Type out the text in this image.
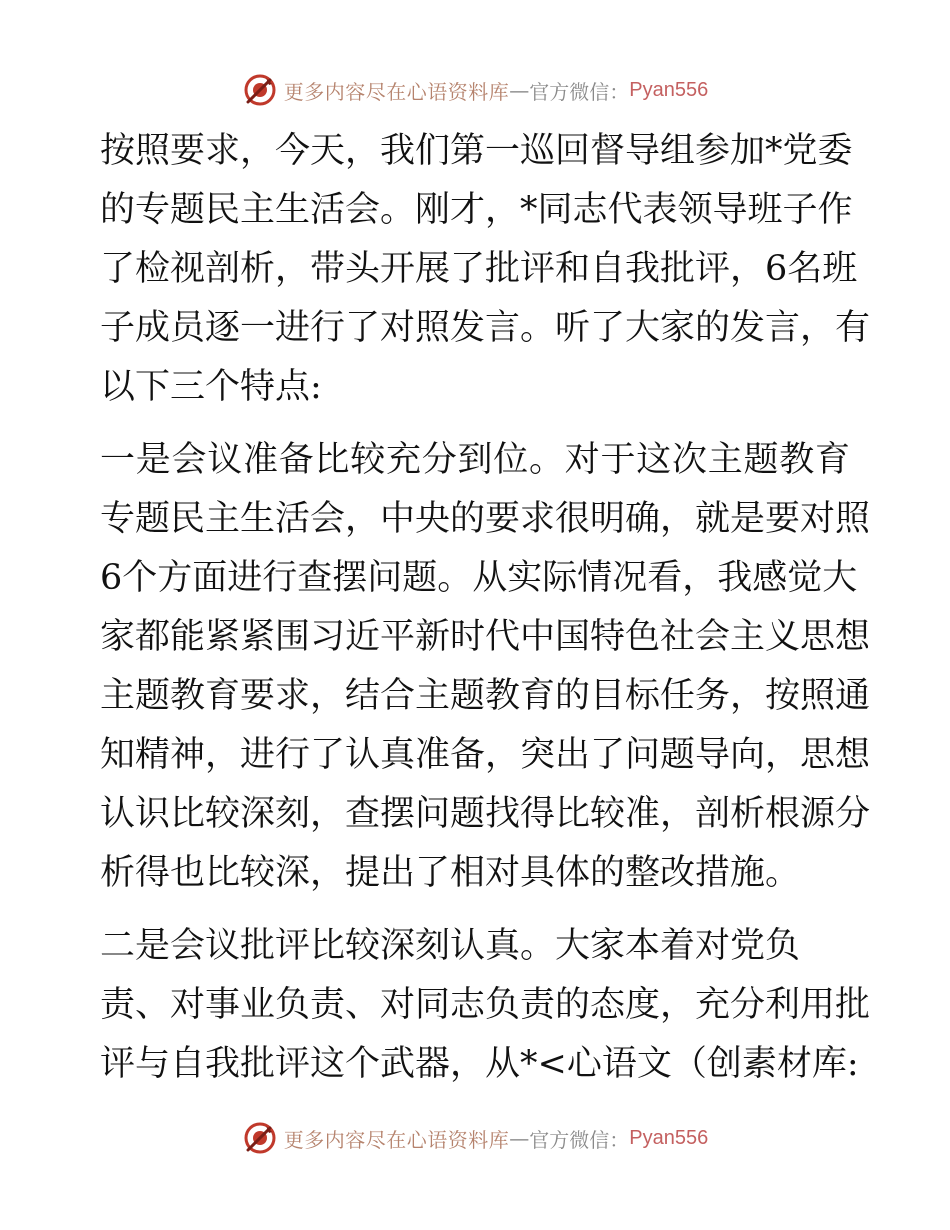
更多内容尽在心语资料库 — 官方微信： Pyan556
按照要求，今天，我们第一巡回督导组参加*党委
的专题民主生活会。刚才，*同志代表领导班子作
了检视剖析，带头开展了批评和自我批评，6名班
子成员逐一进行了对照发言。听了大家的发言，有
以下三个特点:
一是会议准备比较充分到位。对于这次主题教育
专题民主生活会，中央的要求很明确，就是要对照
6个方面进行查摆问题。从实际情况看，我感觉大
家都能紧紧围习近平新时代中国特色社会主义思想
主题教育要求，结合主题教育的目标任务，按照通
知精神，进行了认真准备，突出了问题导向，思想
认识比较深刻，查摆问题找得比较准，剖析根源分
析得也比较深，提出了相对具体的整改措施。
二是会议批评比较深刻认真。大家本着对党负
责、对事业负责、对同志负责的态度，充分利用批
评与自我批评这个武器，从*<心语文（创素材库:
更多内容尽在心语资料库 — 官方微信： Pyan556
